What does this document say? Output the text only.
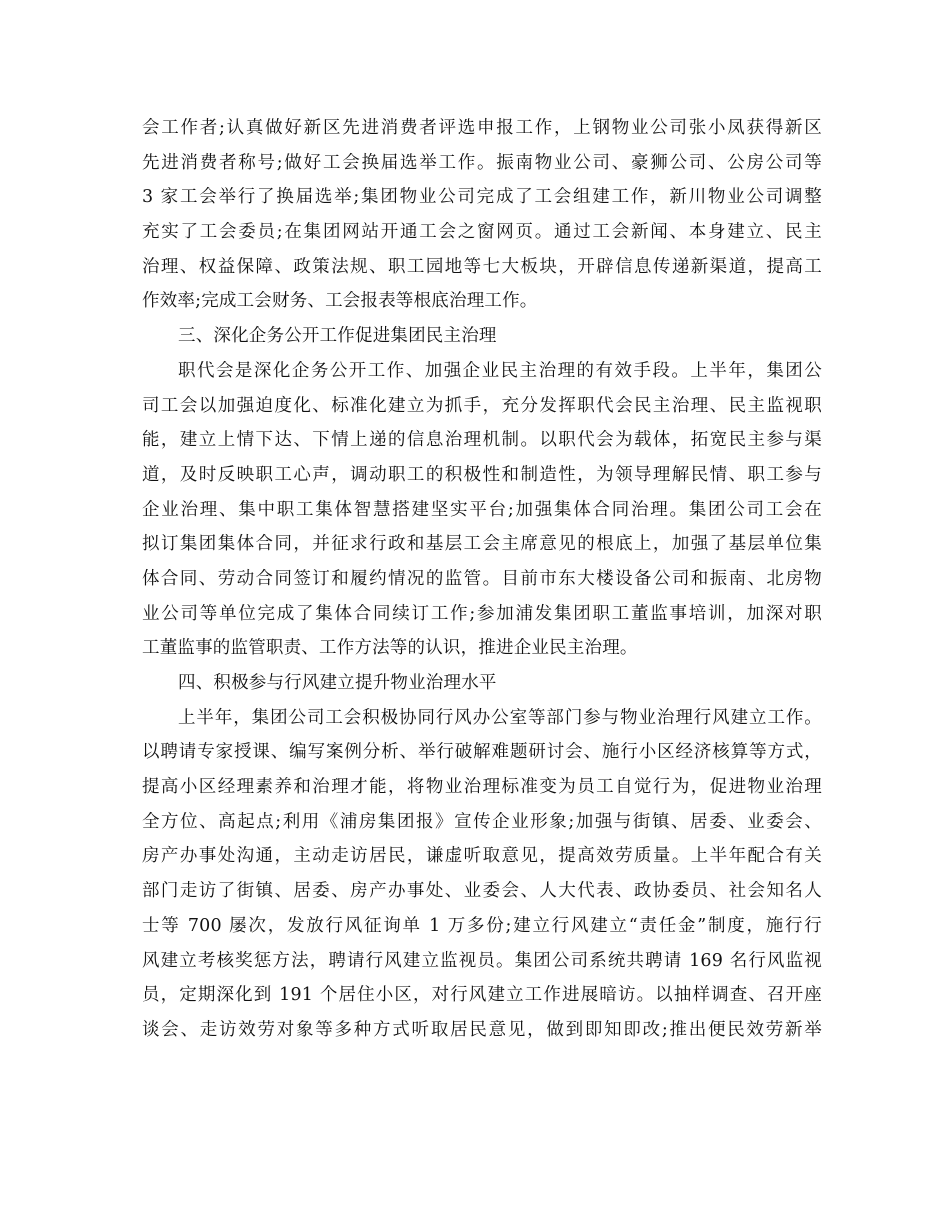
会工作者;认真做好新区先进消费者评选申报工作，上钢物业公司张小凤获得新区
先进消费者称号;做好工会换届选举工作。振南物业公司、豪狮公司、公房公司等
3 家工会举行了换届选举;集团物业公司完成了工会组建工作，新川物业公司调整
充实了工会委员;在集团网站开通工会之窗网页。通过工会新闻、本身建立、民主
治理、权益保障、政策法规、职工园地等七大板块，开辟信息传递新渠道，提高工
作效率;完成工会财务、工会报表等根底治理工作。
三、深化企务公开工作促进集团民主治理
职代会是深化企务公开工作、加强企业民主治理的有效手段。上半年，集团公
司工会以加强迫度化、标准化建立为抓手，充分发挥职代会民主治理、民主监视职
能，建立上情下达、下情上递的信息治理机制。以职代会为载体，拓宽民主参与渠
道，及时反映职工心声，调动职工的积极性和制造性，为领导理解民情、职工参与
企业治理、集中职工集体智慧搭建坚实平台;加强集体合同治理。集团公司工会在
拟订集团集体合同，并征求行政和基层工会主席意见的根底上，加强了基层单位集
体合同、劳动合同签订和履约情况的监管。目前市东大楼设备公司和振南、北房物
业公司等单位完成了集体合同续订工作;参加浦发集团职工董监事培训，加深对职
工董监事的监管职责、工作方法等的认识，推进企业民主治理。
四、积极参与行风建立提升物业治理水平
上半年，集团公司工会积极协同行风办公室等部门参与物业治理行风建立工作。
以聘请专家授课、编写案例分析、举行破解难题研讨会、施行小区经济核算等方式，
提高小区经理素养和治理才能，将物业治理标准变为员工自觉行为，促进物业治理
全方位、高起点;利用《浦房集团报》宣传企业形象;加强与街镇、居委、业委会、
房产办事处沟通，主动走访居民，谦虚听取意见，提高效劳质量。上半年配合有关
部门走访了街镇、居委、房产办事处、业委会、人大代表、政协委员、社会知名人
士等 700 屡次，发放行风征询单 1 万多份;建立行风建立“责任金”制度，施行行
风建立考核奖惩方法，聘请行风建立监视员。集团公司系统共聘请 169 名行风监视
员，定期深化到 191 个居住小区，对行风建立工作进展暗访。以抽样调查、召开座
谈会、走访效劳对象等多种方式听取居民意见，做到即知即改;推出便民效劳新举
